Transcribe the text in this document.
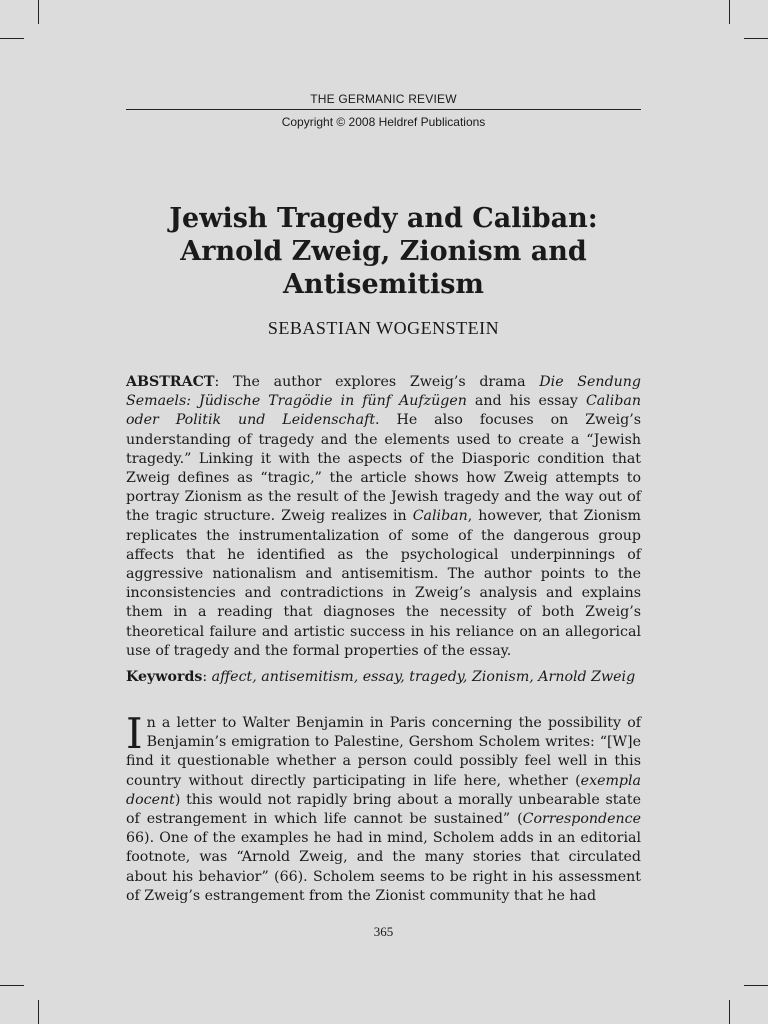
THE GERMANIC REVIEW
Copyright © 2008 Heldref Publications
Jewish Tragedy and Caliban:
Arnold Zweig, Zionism and
Antisemitism
SEBASTIAN WOGENSTEIN
ABSTRACT: The author explores Zweig’s drama Die Sendung Semaels: Jüdische Tragödie in fünf Aufzügen and his essay Caliban oder Politik und Leidenschaft. He also focuses on Zweig’s understanding of tragedy and the elements used to create a “Jewish tragedy.” Linking it with the aspects of the Diasporic condition that Zweig defines as “tragic,” the article shows how Zweig attempts to portray Zionism as the result of the Jewish tragedy and the way out of the tragic structure. Zweig realizes in Caliban, however, that Zionism replicates the instrumentalization of some of the dangerous group affects that he identified as the psychological underpinnings of aggressive nationalism and antisemitism. The author points to the inconsistencies and contradictions in Zweig’s analysis and explains them in a reading that diagnoses the necessity of both Zweig’s theoretical failure and artistic success in his reliance on an allegorical use of tragedy and the formal properties of the essay.
Keywords: affect, antisemitism, essay, tragedy, Zionism, Arnold Zweig
In a letter to Walter Benjamin in Paris concerning the possibility of Benjamin’s emigration to Palestine, Gershom Scholem writes: “[W]e find it questionable whether a person could possibly feel well in this country without directly participating in life here, whether (exempla docent) this would not rapidly bring about a morally unbearable state of estrangement in which life cannot be sustained” (Correspondence 66). One of the examples he had in mind, Scholem adds in an editorial footnote, was “Arnold Zweig, and the many stories that circulated about his behavior” (66). Scholem seems to be right in his assessment of Zweig’s estrangement from the Zionist community that he had
365
